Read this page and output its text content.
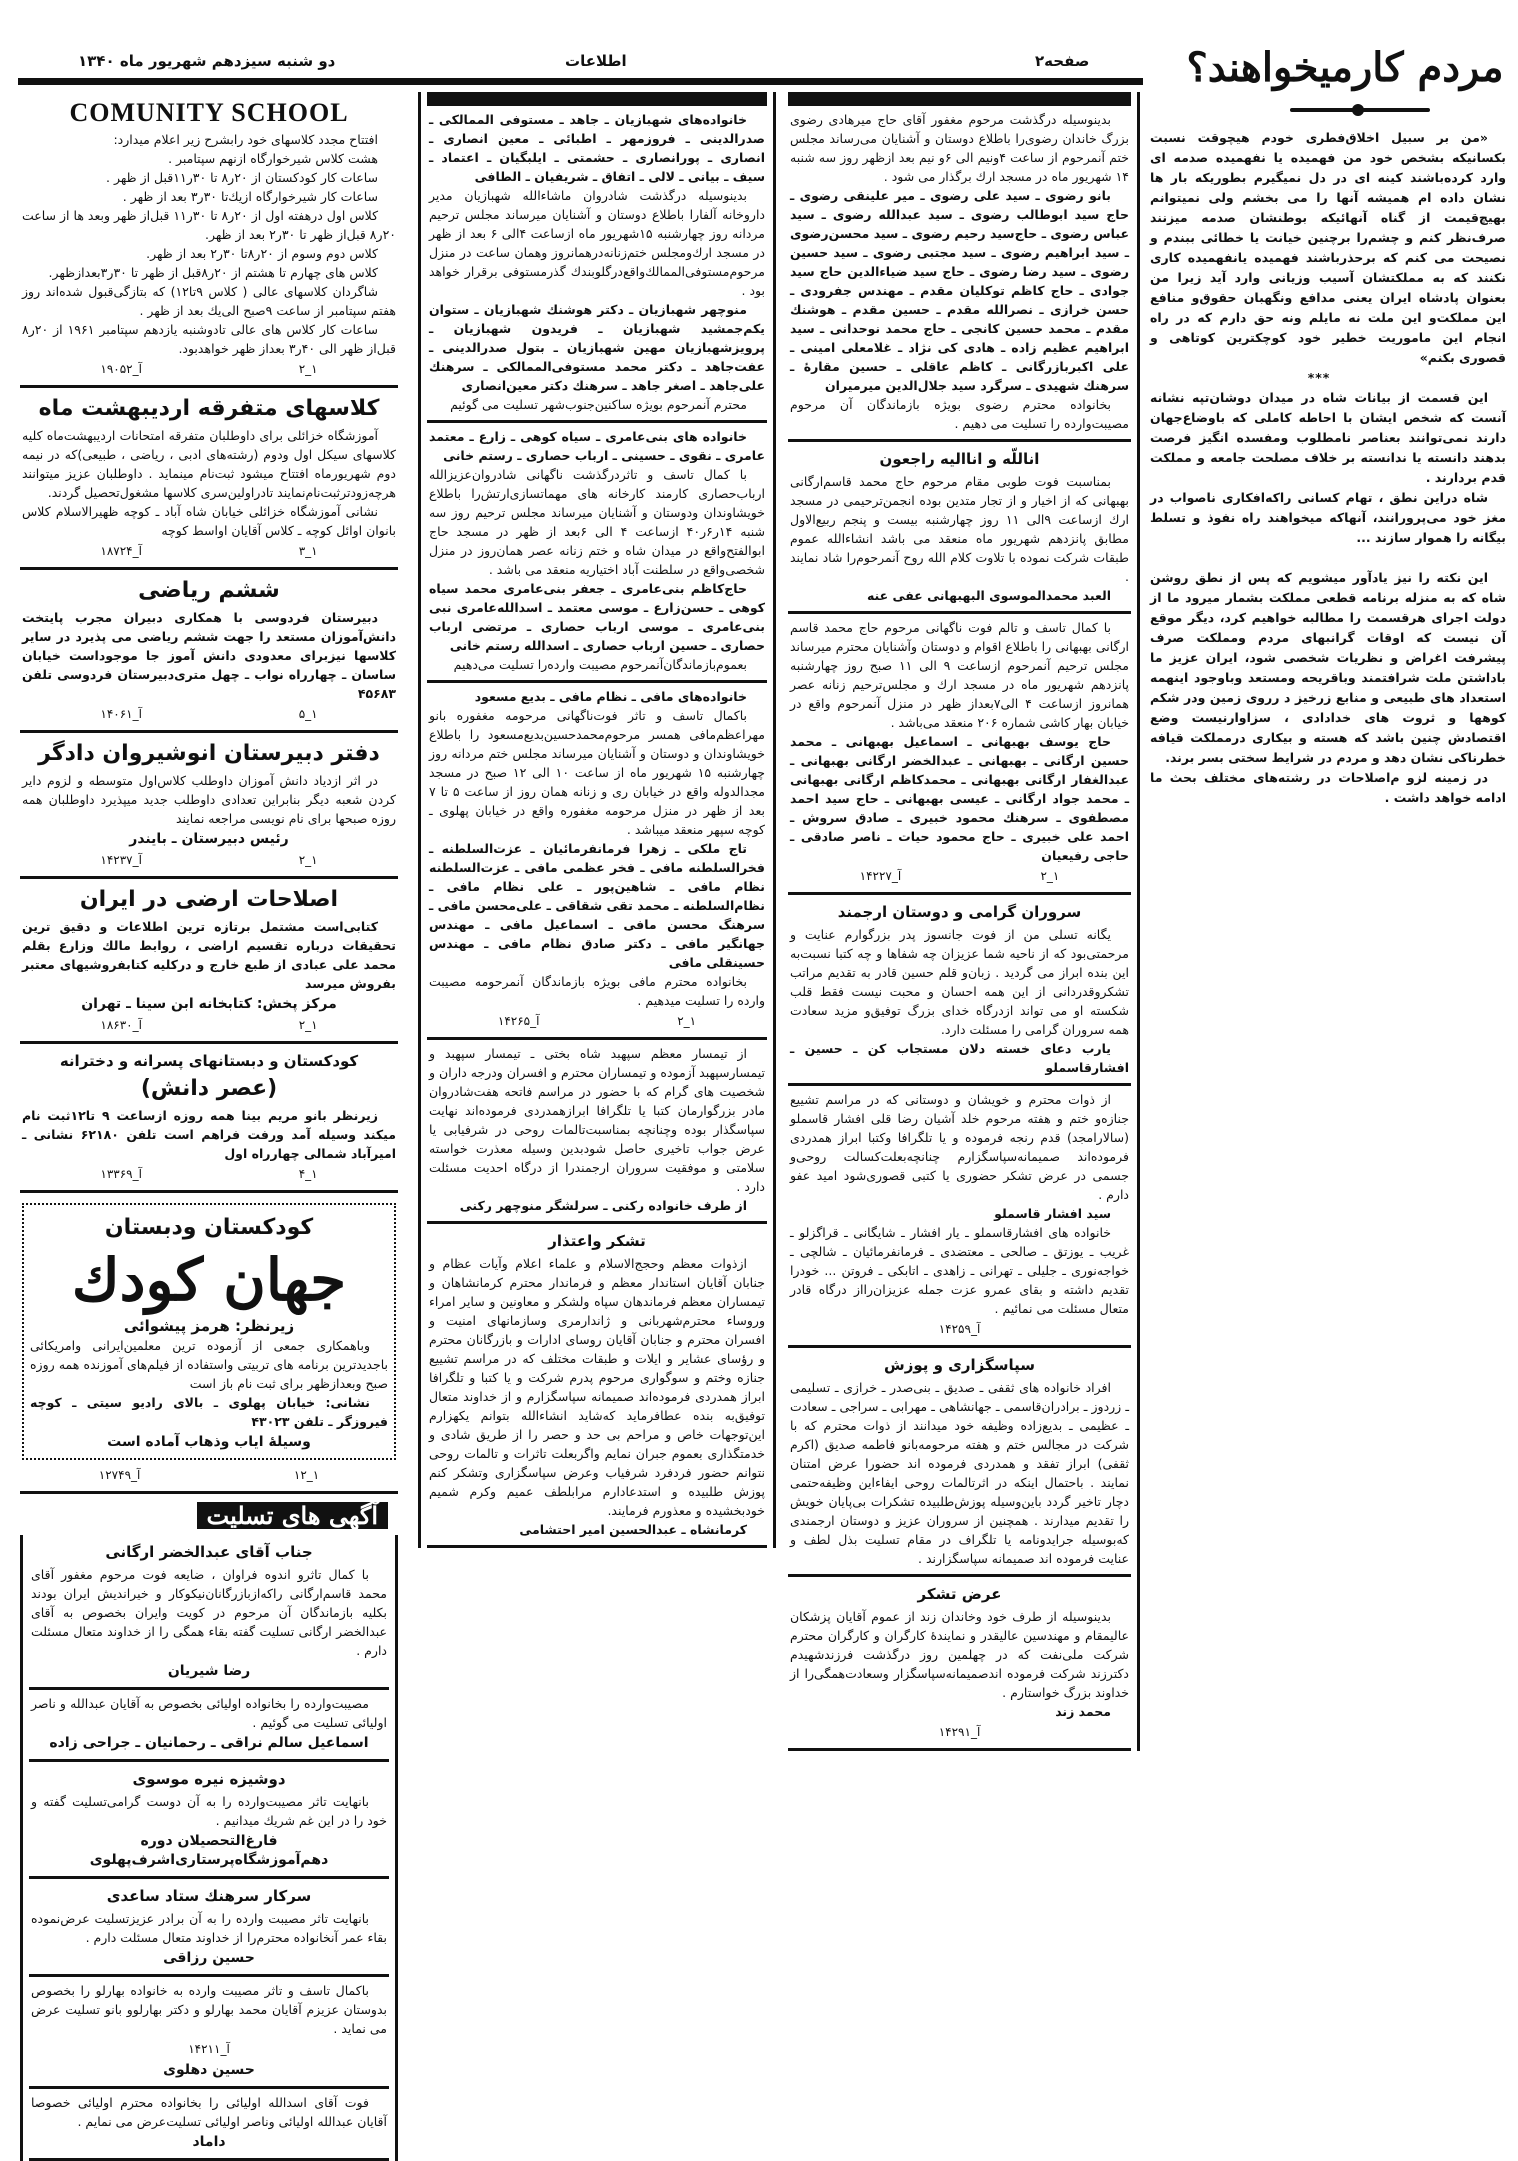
دو شنبه سیزدهم شهریور ماه ۱۳۴۰	اطلاعات	صفحه۲ مردم کارمیخواهند؟
COMUNITY SCHOOL

افتتاح مجدد کلاسهای خود رابشرح زیر اعلام میدارد:

هشت کلاس شیرخوارگاه ازنهم سپتامبر .

ساعات کار کودکستان از ۲۰ر۸ تا ۳۰ر۱۱قبل از ظهر .

ساعات کار شیرخوارگاه ازیك‌تا ۳۰ر۳ بعد از ظهر .

کلاس اول درهفته اول از ۲۰ر۸ تا ۳۰ر۱۱ قبل‌از ظهر وبعد ها از ساعت ۲۰ر۸ قبل‌از ظهر تا ۳۰ر۲ بعد از ظهر.

کلاس دوم وسوم از ۲۰ر۸تا ۳۰ر۲ بعد از ظهر.

کلاس های چهارم تا هشتم از ۲۰ر۸قبل از ظهر تا ۳۰ر۳بعدازظهر.

شاگردان کلاسهای عالی ( کلاس ۹تا۱۲) که بتازگی‌قبول شده‌اند روز هفتم سپتامبر از ساعت ۹صبح الی‌یك بعد از ظهر .

ساعات کار کلاس های عالی تادوشنبه یازدهم سپتامبر ۱۹۶۱ از ۲۰ر۸ قبل‌از ظهر الی ۴۰ر۳ بعداز ظهر خواهدبود.

۱_۲
آ_۱۹۰۵۲
کلاسهای متفرقه اردیبهشت ماه

آموزشگاه خزائلی برای داوطلبان متفرقه امتحانات اردیبهشت‌ماه کلیه کلاسهای سیکل اول ودوم (رشته‌های ادبی ، ریاضی ، طبیعی)که در نیمه دوم شهریورماه افتتاح میشود ثبت‌نام مینماید . داوطلبان عزیز میتوانند هرچه‌زودترثبت‌نام‌نمایند تادراولین‌سری کلاسها مشغول‌تحصیل گردند.

نشانی آموزشگاه خزائلی خیابان شاه آباد ـ کوچه ظهیرالاسلام کلاس بانوان اوائل کوچه ـ کلاس آقایان اواسط کوچه

۱_۳
آ_۱۸۷۲۴
ششم ریاضی

دبیرستان فردوسی با همکاری دبیران مجرب پایتخت دانش‌آموزان مستعد را جهت ششم ریاضی می پذیرد در سایر کلاسها نیزبرای معدودی دانش آموز جا موجوداست خیابان ساسان ـ چهارراه نواب ـ چهل متری‌دبیرستان فردوسی تلفن ۴۵۶۸۳

۱_۵
آ_۱۴۰۶۱
دفتر دبیرستان انوشیروان دادگر

در اثر ازدیاد دانش آموزان داوطلب کلاس‌اول متوسطه و لزوم دایر کردن شعبه دیگر بنابراین تعدادی داوطلب جدید میپذیرد داوطلبان همه روزه صبحها برای نام نویسی مراجعه نمایند

رئیس دبیرستان ـ بایندر
۱_۲
آ_۱۴۲۳۷
اصلاحات ارضی در ایران

کتابی‌است مشتمل برتازه ترین اطلاعات و دقیق ترین تحقیقات درباره تقسیم اراضی ، روابط مالك وزارع بقلم محمد علی عبادی از طبع خارج و درکلیه کتابفروشیهای معتبر بفروش میرسد

مرکز پخش: کتابخانه ابن سینا ـ تهران
۱_۲
آ_۱۸۶۳۰
کودکستان و دبستانهای پسرانه و دخترانه
(عصر دانش)

زیرنظر بانو مریم بینا همه روزه ازساعت ۹ تا۱۲ثبت نام میکند وسیله آمد ورفت فراهم است تلفن ۶۲۱۸۰ نشانی ـ امیرآباد شمالی چهارراه اول

۱_۴
آ_۱۳۳۶۹
کودکستان ودبستان
جهان کودك
زیرنظر: هرمز پیشوائی

وباهمکاری جمعی از آزموده ترین معلمین‌ایرانی وامریکائی باجدیدترین برنامه های تربیتی واستفاده از فیلم‌های آموزنده همه روزه صبح وبعدازظهر برای ثبت نام باز است

نشانی: خیابان پهلوی ـ بالای رادیو سیتی ـ کوچه فیروزگر ـ تلفن ۴۳۰۲۳

وسیلهٔ ایاب وذهاب آماده است
۱_۱۲
آ_۱۲۷۴۹
آگهی های تسلیت
جناب آقای عبدالخضر ارگانی

با کمال تاثرو اندوه فراوان ، ضایعه فوت مرحوم مغفور آقای محمد قاسم‌ارگانی راکه‌ازبازرگانان‌نیکوکار و خیراندیش ایران بودند بکلیه بازماندگان آن مرحوم در کویت وایران بخصوص به آقای عبدالخضر ارگانی تسلیت گفته بقاء همگی را از خداوند متعال مسئلت دارم .

رضا شیریان

مصیبت‌وارده را بخانواده اولیائی بخصوص به آقایان عبدالله و ناصر اولیائی تسلیت می گوئیم .

اسماعیل سالم نراقی ـ رحمانیان ـ جراحی زاده
دوشیزه نیره موسوی

بانهایت تاثر مصیبت‌وارده را به آن دوست گرامی‌تسلیت گفته و خود را در این غم شریك میدانیم .

فارغ‌التحصیلان دوره دهم‌آموزشگاه‌پرستاری‌اشرف‌پهلوی
سرکار سرهنك ستاد ساعدی

بانهایت تاثر مصیبت وارده را به آن برادر عزیزتسلیت عرض‌نموده بقاء عمر آنخانواده محترم‌را از خداوند متعال مسئلت دارم .

حسین رزاقی

باکمال تاسف و تاثر مصیبت وارده به خانواده بهارلو را بخصوص بدوستان عزیزم آقایان محمد بهارلو و دکتر بهارلوو بانو تسلیت عرض می نماید .

آ_۱۴۲۱۱
حسین دهلوی

فوت آقای اسدالله اولیائی را بخانواده محترم اولیائی خصوصا آقایان عبدالله اولیائی وناصر اولیائی تسلیت‌عرض می نمایم .

داماد

خانواده‌های شهبازیان ـ جاهد ـ مستوفی الممالکی ـ صدرالدینی ـ فروزمهر ـ اطبائی ـ معین انصاری ـ انصاری ـ پورانصاری ـ حشمتی ـ ایلبگیان ـ اعتماد ـ سیف ـ بیانی ـ لالی ـ اتفاق ـ شریفیان ـ الطافی

بدینوسیله درگذشت شادروان ماشاءالله شهبازیان مدیر داروخانه آلفارا باطلاع دوستان و آشنایان میرساند مجلس ترحیم مردانه روز چهارشنبه ۱۵شهریور ماه ازساعت ۴الی ۶ بعد از ظهر در مسجد ارك‌ومجلس ختم‌زنانه‌درهمانروز وهمان ساعت در منزل مرحوم‌مستوفی‌الممالك‌واقع‌درگلوبندك گذرمستوفی برقرار خواهد بود .

منوچهر شهبازیان ـ دکتر هوشنك شهبازیان ـ ستوان یکم‌جمشید شهبازیان ـ فریدون شهبازیان ـ پرویزشهبازیان مهین شهبازیان ـ بتول صدرالدینی ـ عفت‌جاهد ـ دکتر محمد مستوفی‌الممالکی ـ سرهنك علی‌جاهد ـ اصغر جاهد ـ سرهنك دکتر معین‌انصاری

محترم آنمرحوم بویژه ساکنین‌جنوب‌شهر تسلیت می گوئیم

خانواده های بنی‌عامری ـ سیاه کوهی ـ زارع ـ معتمد عامری ـ نقوی ـ حسینی ـ ارباب حصاری ـ رستم خانی

با کمال تاسف و تاثردرگذشت ناگهانی شادروان‌عزیزالله ارباب‌حصاری کارمند کارخانه های مهماتسازی‌ارتش‌را باطلاع خویشاوندان ودوستان و آشنایان میرساند مجلس ترحیم روز سه شنبه ۱۴ر۶ر۴۰ ازساعت ۴ الی ۶بعد از ظهر در مسجد حاج ابوالفتح‌واقع در میدان شاه و ختم زنانه عصر همان‌روز در منزل شخصی‌واقع در سلطنت آباد اختیاریه منعقد می باشد .

حاج‌کاظم بنی‌عامری ـ جعفر بنی‌عامری محمد سیاه کوهی ـ حسن‌زارع ـ موسی معتمد ـ اسدالله‌عامری نبی بنی‌عامری ـ موسی ارباب حصاری ـ مرتضی ارباب حصاری ـ حسین ارباب حصاری ـ اسدالله رستم خانی

بعموم‌بازماندگان‌آنمرحوم مصیبت وارده‌را تسلیت می‌دهیم

خانواده‌های مافی ـ نظام مافی ـ بدیع مسعود

باکمال تاسف و تاثر فوت‌ناگهانی مرحومه مغفوره بانو مهراعظم‌مافی همسر مرحوم‌محمدحسین‌بدیع‌مسعود را باطلاع خویشاوندان و دوستان و آشنایان میرساند مجلس ختم مردانه روز چهارشنبه ۱۵ شهریور ماه از ساعت ۱۰ الی ۱۲ صبح در مسجد مجدالدوله واقع در خیابان ری و زنانه همان روز از ساعت ۵ تا ۷ بعد از ظهر در منزل مرحومه مغفوره واقع در خیابان پهلوی ـ کوچه سپهر منعقد میباشد .

تاج ملکی ـ زهرا فرمانفرمائیان ـ عزت‌السلطنه ـ فخرالسلطنه مافی ـ فخر عظمی مافی ـ عزت‌السلطنه نظام مافی ـ شاهین‌پور ـ علی نظام مافی ـ نظام‌السلطنه ـ محمد تقی شقاقی ـ علی‌محسن مافی ـ سرهنگ محسن مافی ـ اسماعیل مافی ـ مهندس جهانگیر مافی ـ دکتر صادق نظام مافی ـ مهندس حسینقلی مافی

بخانواده محترم مافی بویژه بازماندگان آنمرحومه مصیبت وارده را تسلیت میدهیم .

۱_۲
آ_۱۴۲۶۵

از تیمسار معظم سپهبد شاه بختی ـ تیمسار سپهبد و تیمسارسپهبد آزموده و تیمساران محترم و افسران ودرجه داران و شخصیت های گرام که با حضور در مراسم فاتحه هفت‌شادروان مادر بزرگوارمان کتبا یا تلگرافا ابرازهمدردی فرموده‌اند نهایت سپاسگذار بوده وچنانچه بمناسبت‌تالمات روحی در شرفیابی یا عرض جواب تاخیری حاصل شودبدین وسیله معذرت خواسته سلامتی و موفقیت سروران ارجمندرا از درگاه احدیت مسئلت دارد .

از طرف خانواده رکنی ـ سرلشگر منوچهر رکنی

تشکر واعتذار

ازذوات معظم وحجج‌الاسلام و علماء اعلام وآیات عظام و جنابان آقایان استاندار معظم و فرماندار محترم کرمانشاهان و تیمساران معظم فرماندهان سپاه ولشکر و معاونین و سایر امراء وروساء محترم‌شهربانی و ژاندارمری وسازمانهای امنیت و افسران محترم و جنابان آقایان روسای ادارات و بازرگانان محترم و رؤسای عشایر و ایلات و طبقات مختلف که در مراسم تشییع جنازه وختم و سوگواری مرحوم پدرم شرکت و یا کتبا و تلگرافا ابراز همدردی فرموده‌اند صمیمانه سپاسگزارم و از خداوند متعال توفیق‌به بنده عطافرماید که‌شاید انشاءالله بتوانم یکهزارم این‌توجهات خاص و مراحم بی حد و حصر را از طریق شادی و خدمتگذاری بعموم جبران نمایم واگربعلت تاثرات و تالمات روحی نتوانم حضور فردفرد شرفیاب وعرض سپاسگزاری وتشکر کنم پوزش طلبیده و استدعادارم مرابلطف عمیم وکرم شمیم خودبخشیده و معذورم فرمایند.

کرمانشاه ـ عبدالحسین امیر احتشامی

بدینوسیله درگذشت مرحوم مغفور آقای حاج میرهادی رضوی بزرگ خاندان رضوی‌را باطلاع دوستان و آشنایان می‌رساند مجلس ختم آنمرحوم از ساعت ۴ونیم الی ۶و نیم بعد ازظهر روز سه شنبه ۱۴ شهریور ماه در مسجد ارك برگذار می شود .

بانو رضوی ـ سید علی رضوی ـ میر علینقی رضوی ـ حاج سید ابوطالب رضوی ـ سید عبدالله رضوی ـ سید عباس رضوی ـ حاج‌سید رحیم رضوی ـ سید محسن‌رضوی ـ سید ابراهیم رضوی ـ سید مجتبی رضوی ـ سید حسین رضوی ـ سید رضا رضوی ـ حاج سید ضیاءالدین حاج سید جوادی ـ حاج کاظم توکلیان مقدم ـ مهندس جفرودی ـ حسن خرازی ـ نصرالله مقدم ـ حسین مقدم ـ هوشنك مقدم ـ محمد حسین کانجی ـ حاج محمد نوحدانی ـ سید ابراهیم عظیم زاده ـ هادی کی نژاد ـ غلامعلی امینی ـ علی اکبربازرگانی ـ کاظم عاقلی ـ حسین مقارهٔ ـ سرهنك شهیدی ـ سرگرد سید جلال‌الدین میرمیران

بخانواده محترم رضوی بویژه بازماندگان آن مرحوم مصیبت‌وارده را تسلیت می دهیم .

اناللّه و انااليه راجعون

بمناسبت فوت طوبی مقام مرحوم حاج محمد قاسم‌ارگانی بهبهانی که از اخیار و از تجار متدین بوده انجمن‌ترحیمی در مسجد ارك ازساعت ۹الی ۱۱ روز چهارشنبه بیست و پنجم ربیع‌الاول مطابق پانزدهم شهریور ماه منعقد می باشد انشاءالله عموم طبقات شرکت نموده با تلاوت کلام الله روح آنمرحوم‌را شاد نمایند .

العبد محمدالموسوی البهبهانی عفی عنه

با کمال تاسف و تالم فوت ناگهانی مرحوم حاج محمد قاسم ارگانی بهبهانی را باطلاع اقوام و دوستان وآشنایان محترم میرساند مجلس ترحیم آنمرحوم ازساعت ۹ الی ۱۱ صبح روز چهارشنبه پانزدهم شهریور ماه در مسجد ارك و مجلس‌ترحیم زنانه عصر همانروز ازساعت ۴ الی۷بعداز ظهر در منزل آنمرحوم واقع در خیابان بهار کاشی شماره ۲۰۶ منعقد می‌باشد .

حاج یوسف بهبهانی ـ اسماعیل بهبهانی ـ محمد حسین ارگانی ـ بهبهانی ـ عبدالخضر ارگانی بهبهانی ـ عبدالغفار ارگانی بهبهانی ـ محمدکاظم ارگانی بهبهانی ـ محمد جواد ارگانی ـ عیسی بهبهانی ـ حاج سید احمد مصطفوی ـ سرهنك محمود خبیری ـ صادق سروش ـ احمد علی خبیری ـ حاج محمود حیات ـ ناصر صادقی ـ حاجی رفیعیان

۱_۲
آ_۱۴۲۲۷
سروران گرامی و دوستان ارجمند

یگانه تسلی من از فوت جانسوز پدر بزرگوارم عنایت و مرحمتی‌بود که از ناحیه شما عزیزان چه شفاها و چه کتبا نسبت‌به این بنده ابراز می گردید . زبان‌و قلم حسین قادر به تقدیم مراتب تشکروقدردانی از این همه احسان و محبت نیست فقط قلب شکسته او می تواند ازدرگاه خدای بزرگ توفیق‌و مزید سعادت همه سروران گرامی را مسئلت دارد.

یارب دعای خسته دلان مستجاب کن ـ حسین ـ افشارقاسملو

از ذوات محترم و خویشان و دوستانی که در مراسم تشییع جنازه‌و ختم و هفته مرحوم خلد آشیان رضا قلی افشار قاسملو (سالارامجد) قدم رنجه فرموده و یا تلگرافا وکتبا ابراز همدردی فرموده‌اند صمیمانه‌سپاسگزارم چنانچه‌بعلت‌کسالت روحی‌و جسمی در عرض تشکر حضوری یا کتبی قصوری‌شود امید عفو دارم .

سید افشار قاسملو

خانواده های افشارقاسملو ـ یار افشار ـ شایگانی ـ قراگزلو ـ غریب ـ یوزتق ـ صالحی ـ معتضدی ـ فرمانفرمائیان ـ شالچی ـ خواجه‌نوری ـ جلیلی ـ تهرانی ـ زاهدی ـ اتابکی ـ فروتن ... خودرا تقدیم داشته و بقای عمرو عزت جمله عزیزان‌رااز درگاه قادر متعال مسئلت می نمائیم .

آ_۱۴۲۵۹
سپاسگزاری و پوزش

افراد خانواده های ثقفی ـ صدیق ـ بنی‌صدر ـ خرازی ـ تسلیمی ـ زردوز ـ برادران‌قاسمی ـ جهانشاهی ـ مهرابی ـ سراجی ـ سعادت ـ عظیمی ـ بدیع‌زاده وظیفه خود میدانند از ذوات محترم که با شرکت در مجالس ختم و هفته مرحومه‌بانو فاطمه صدیق (اکرم ثقفی) ابراز تفقد و همدردی فرموده اند حضورا عرض امتنان نمایند . باحتمال اینکه در اثرتالمات روحی ایفاءاین وظیفه‌حتمی دچار تاخیر گردد باین‌وسیله پوزش‌طلبیده تشکرات بی‌پایان خویش را تقدیم میدارند . همچنین از سروران عزیز و دوستان ارجمندی که‌بوسیله جرایدونامه یا تلگراف در مقام تسلیت بذل لطف و عنایت فرموده اند صمیمانه سپاسگزارند .

عرض تشکر

بدینوسیله از طرف خود وخاندان زند از عموم آقایان پزشکان عالیمقام و مهندسین عالیقدر و نمایندهٔ کارگران و کارگران محترم شرکت ملی‌نفت که در چهلمین روز درگذشت فرزندشهیدم دکترزند شرکت فرموده اندصمیمانه‌سپاسگزار وسعادت‌همگی‌را از خداوند بزرگ خواستارم .

محمد زند

آ_۱۴۲۹۱

«من بر سبیل اخلاق‌فطری خودم هیچوقت نسبت بکسانیکه بشخص خود من فهمیده یا نفهمیده صدمه ای وارد کرده‌باشند کینه ای در دل نمیگیرم بطوریکه بار ها نشان داده ام همیشه آنها را می بخشم ولی نمیتوانم بهیچ‌قیمت از گناه آنهائیکه بوطنشان صدمه میزنند صرف‌نظر کنم و چشم‌را برچنین خیانت یا خطائی ببندم و نصیحت می کنم که برحذرباشند فهمیده یانفهمیده کاری نکنند که به مملکتشان آسیب وزیانی وارد آید زیرا من بعنوان پادشاه ایران یعنی مدافع ونگهبان حقوق‌و منافع این مملکت‌و این ملت نه مایلم ونه حق دارم که در راه انجام این ماموریت خطیر خود کوچکترین کوتاهی و قصوری بکنم»

***

این قسمت از بیانات شاه در میدان دوشان‌تپه نشانه آنست که شخص ایشان با احاطه کاملی که باوضاع‌جهان دارند نمی‌توانند بعناصر نامطلوب ومفسده انگیز فرصت بدهند دانسته یا ندانسته بر خلاف مصلحت جامعه و مملکت قدم بردارند .

شاه دراین نطق ، تهام کسانی راکه‌افکاری ناصواب در مغز خود می‌پرورانند، آنهاکه میخواهند راه نفوذ و تسلط بیگانه را هموار سازند ...

این نکته را نیز یادآور میشویم که پس از نطق روشن شاه که به منزله برنامه قطعی مملکت بشمار میرود ما از دولت اجرای هرقسمت را مطالبه خواهیم کرد، دیگر موقع آن نیست که اوقات گرانبهای مردم ومملکت صرف پیشرفت اغراض و نظریات شخصی شود، ایران عزیز ما باداشتن ملت شرافتمند وباقریحه ومستعد وباوجود اینهمه استعداد های طبیعی و منابع زرخیز د رروی زمین ودر شکم کوهها و ثروت های خدادادی ، سزاوارنیست وضع اقتصادش چنین باشد که هسته و بیکاری درمملکت قیافه خطرناکی نشان دهد و مردم در شرایط سختی بسر برند.

در زمینه لزو م‌اصلاحات در رشته‌های مختلف بحث ما ادامه خواهد داشت .
